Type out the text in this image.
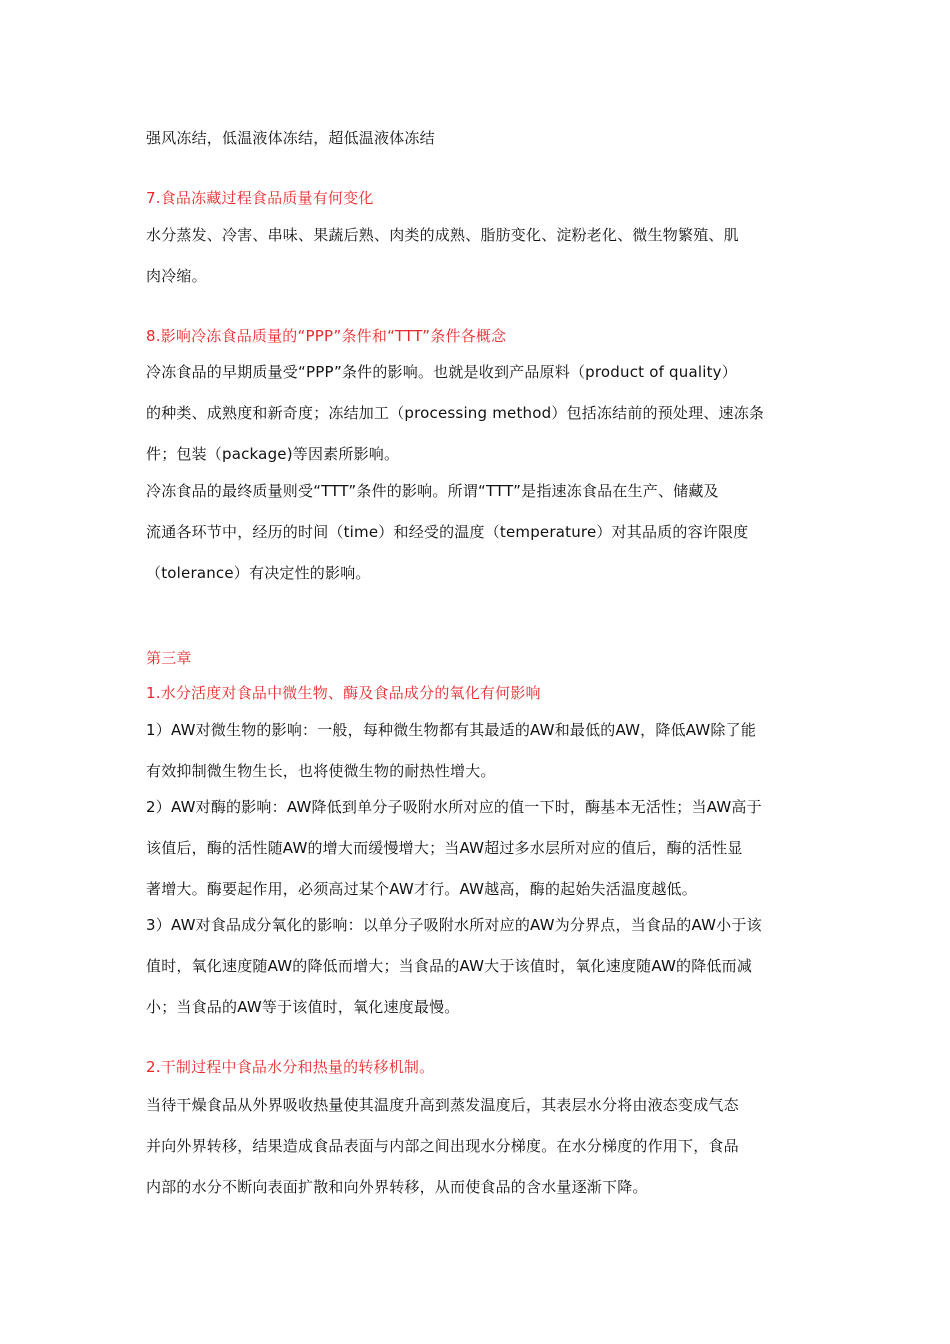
强风冻结，低温液体冻结，超低温液体冻结
7.食品冻藏过程食品质量有何变化
水分蒸发、冷害、串味、果蔬后熟、肉类的成熟、脂肪变化、淀粉老化、微生物繁殖、肌
肉冷缩。
8.影响冷冻食品质量的“PPP”条件和“TTT”条件各概念
冷冻食品的早期质量受“PPP”条件的影响。也就是收到产品原料（product of quality）
的种类、成熟度和新奇度；冻结加工（processing method）包括冻结前的预处理、速冻条
件；包装（package)等因素所影响。
冷冻食品的最终质量则受“TTT”条件的影响。所谓“TTT”是指速冻食品在生产、储藏及
流通各环节中，经历的时间（time）和经受的温度（temperature）对其品质的容许限度
（tolerance）有决定性的影响。
第三章
1.水分活度对食品中微生物、酶及食品成分的氧化有何影响
1）AW对微生物的影响：一般，每种微生物都有其最适的AW和最低的AW，降低AW除了能
有效抑制微生物生长，也将使微生物的耐热性增大。
2）AW对酶的影响：AW降低到单分子吸附水所对应的值一下时，酶基本无活性；当AW高于
该值后，酶的活性随AW的增大而缓慢增大；当AW超过多水层所对应的值后，酶的活性显
著增大。酶要起作用，必须高过某个AW才行。AW越高，酶的起始失活温度越低。
3）AW对食品成分氧化的影响：以单分子吸附水所对应的AW为分界点，当食品的AW小于该
值时，氧化速度随AW的降低而增大；当食品的AW大于该值时，氧化速度随AW的降低而减
小；当食品的AW等于该值时，氧化速度最慢。
2.干制过程中食品水分和热量的转移机制。
当待干燥食品从外界吸收热量使其温度升高到蒸发温度后，其表层水分将由液态变成气态
并向外界转移，结果造成食品表面与内部之间出现水分梯度。在水分梯度的作用下，食品
内部的水分不断向表面扩散和向外界转移，从而使食品的含水量逐渐下降。
